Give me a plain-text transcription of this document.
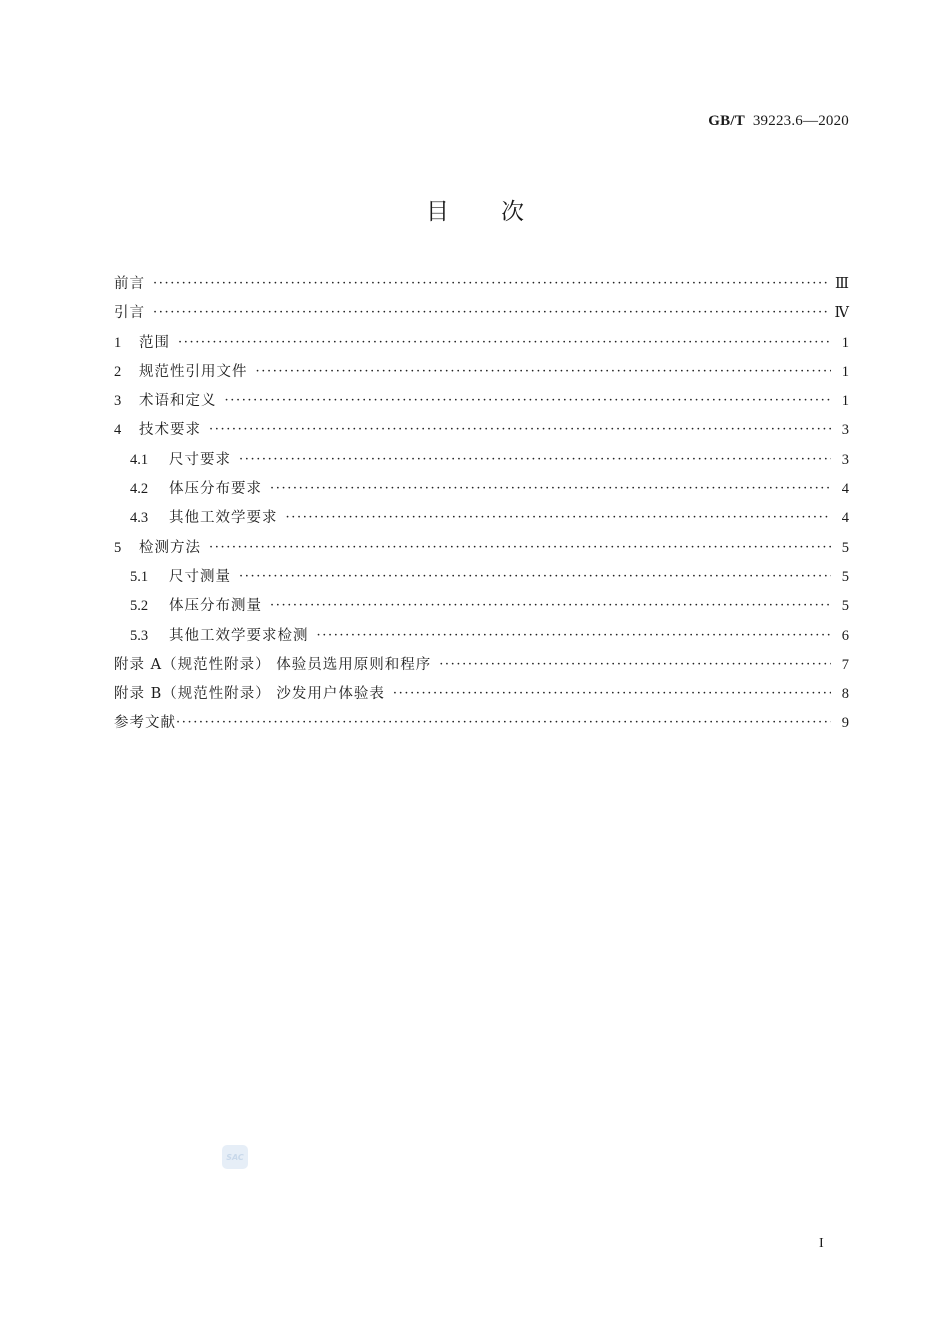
GB/T 39223.6—2020
目 次
前言 ·····	Ⅲ
引言 ·····	Ⅳ
1	范围 ·····	1
2	规范性引用文件 ·····	1
3	术语和定义 ·····	1
4	技术要求 ·····	3
4.1	尺寸要求 ·····	3
4.2	体压分布要求 ·····	4
4.3	其他工效学要求 ·····	4
5	检测方法 ·····	5
5.1	尺寸测量 ·····	5
5.2	体压分布测量 ·····	5
5.3	其他工效学要求检测 ·····	6
附录 A（规范性附录） 体验员选用原则和程序 ·····	7
附录 B（规范性附录） 沙发用户体验表 ·····	8
参考文献 ·····	9
SAC
I
